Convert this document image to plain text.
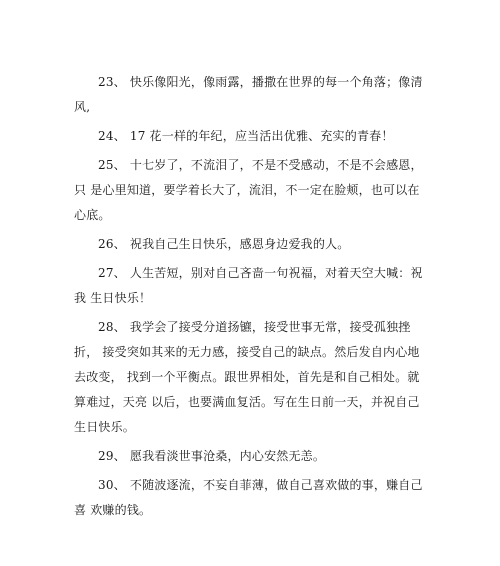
23、 快乐像阳光，像雨露，播撒在世界的每一个角落；像清风,

24、 17 花一样的年纪，应当活出优雅、充实的青春！

25、 十七岁了，不流泪了，不是不受感动，不是不会感恩，只 是心里知道，要学着长大了，流泪，不一定在脸颊，也可以在心底。

26、 祝我自己生日快乐，感恩身边爱我的人。

27、 人生苦短，别对自己吝啬一句祝福，对着天空大喊：祝我 生日快乐！

28、 我学会了接受分道扬镳，接受世事无常，接受孤独挫折， 接受突如其来的无力感，接受自己的缺点。然后发自内心地去改变， 找到一个平衡点。跟世界相处，首先是和自己相处。就算难过，天亮 以后，也要满血复活。写在生日前一天，并祝自己生日快乐。

29、 愿我看淡世事沧桑，内心安然无恙。

30、 不随波逐流，不妄自菲薄，做自己喜欢做的事，赚自己喜 欢赚的钱。
